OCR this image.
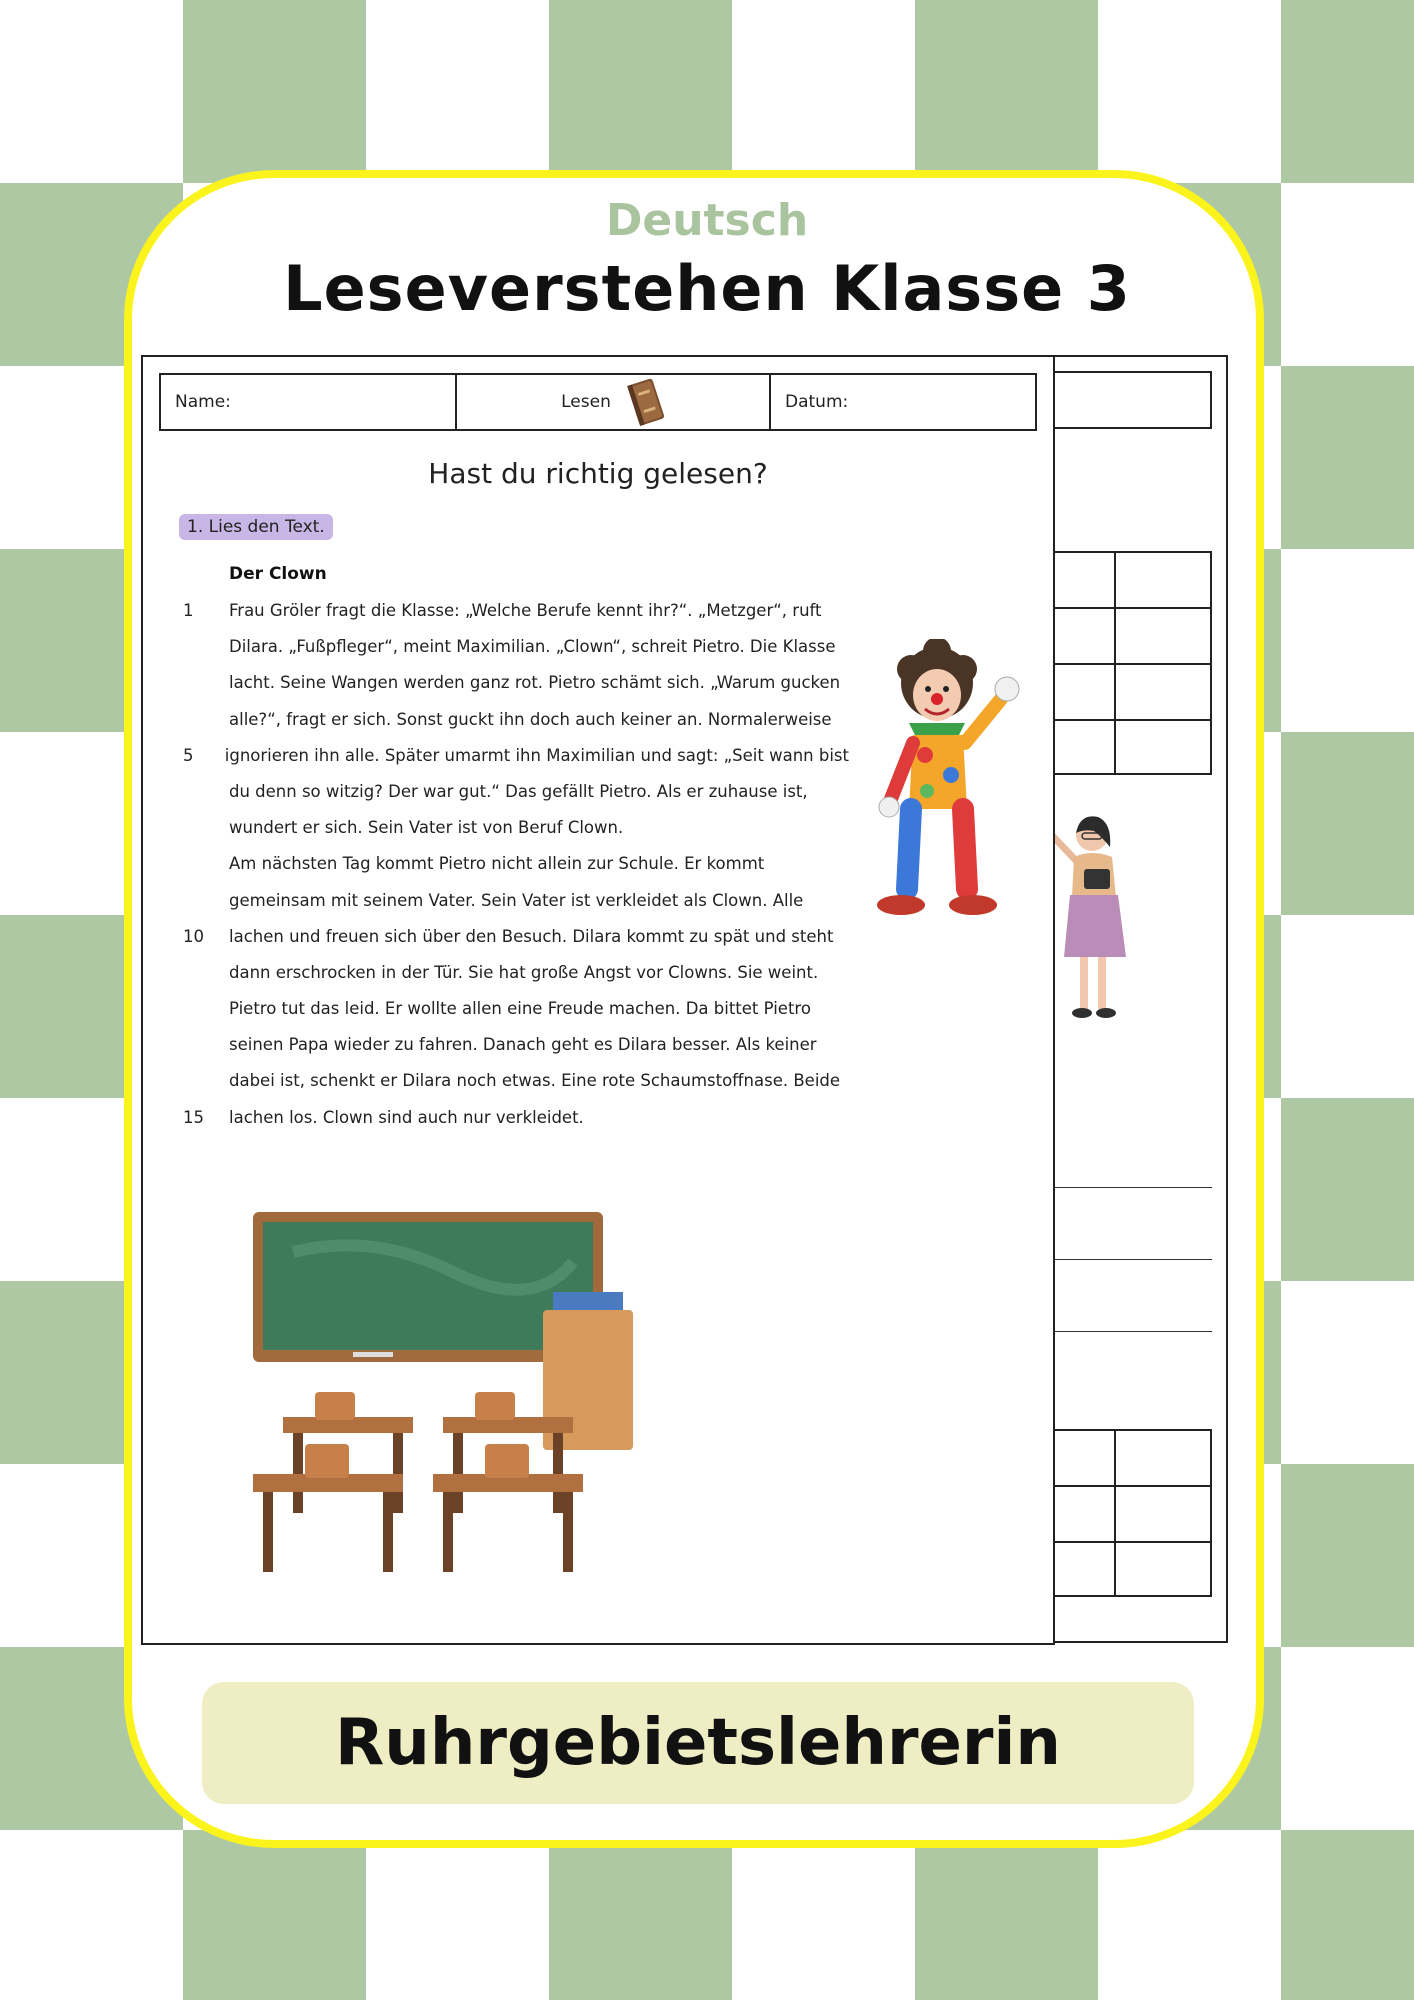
Deutsch
Leseverstehen Klasse 3
Name:	Lesen	Datum:
Hast du richtig gelesen?
1. Lies den Text.
Der Clown
1	Frau Gröler fragt die Klasse: „Welche Berufe kennt ihr?“. „Metzger“, ruft
Dilara. „Fußpfleger“, meint Maximilian. „Clown“, schreit Pietro. Die Klasse
lacht. Seine Wangen werden ganz rot. Pietro schämt sich. „Warum gucken
alle?“, fragt er sich. Sonst guckt ihn doch auch keiner an. Normalerweise
5	ignorieren ihn alle. Später umarmt ihn Maximilian und sagt: „Seit wann bist
du denn so witzig? Der war gut.“ Das gefällt Pietro. Als er zuhause ist,
wundert er sich. Sein Vater ist von Beruf Clown.
Am nächsten Tag kommt Pietro nicht allein zur Schule. Er kommt
gemeinsam mit seinem Vater. Sein Vater ist verkleidet als Clown. Alle
10	lachen und freuen sich über den Besuch. Dilara kommt zu spät und steht
dann erschrocken in der Tür. Sie hat große Angst vor Clowns. Sie weint.
Pietro tut das leid. Er wollte allen eine Freude machen. Da bittet Pietro
seinen Papa wieder zu fahren. Danach geht es Dilara besser. Als keiner
dabei ist, schenkt er Dilara noch etwas. Eine rote Schaumstoffnase. Beide
15	lachen los. Clown sind auch nur verkleidet.
Ruhrgebietslehrerin
